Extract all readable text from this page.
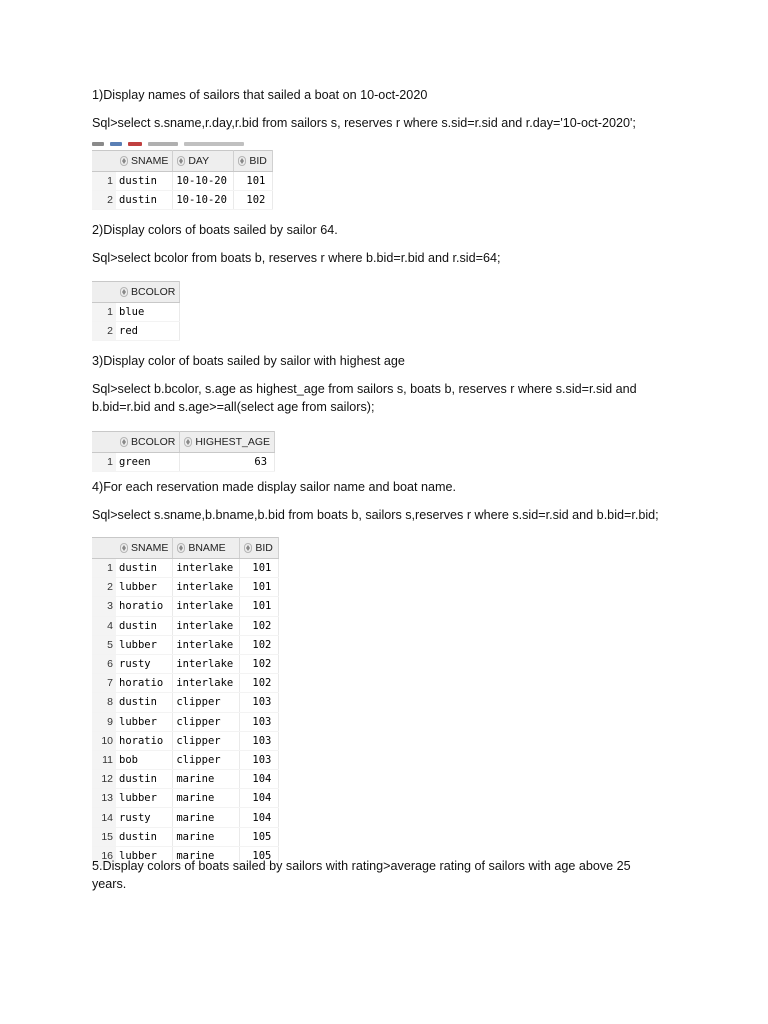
1)Display names of sailors that sailed a boat on 10-oct-2020

Sql>select s.sname,r.day,r.bid from sailors s, reserves r where s.sid=r.sid and r.day='10-oct-2020';

	SNAME	DAY	BID
1	dustin	10-10-20	101
2	dustin	10-10-20	102

2)Display colors of boats sailed by sailor 64.

Sql>select bcolor from boats b, reserves r where b.bid=r.bid and r.sid=64;

	BCOLOR
1	blue
2	red

3)Display color of boats sailed by sailor with highest age

Sql>select b.bcolor, s.age as highest_age from sailors s, boats b, reserves r where s.sid=r.sid and b.bid=r.bid and s.age>=all(select age from sailors);

	BCOLOR	HIGHEST_AGE
1	green	63

4)For each reservation made display sailor name and boat name.

Sql>select s.sname,b.bname,b.bid from boats b, sailors s,reserves r where s.sid=r.sid and b.bid=r.bid;

	SNAME	BNAME	BID
1	dustin	interlake	101
2	lubber	interlake	101
3	horatio	interlake	101
4	dustin	interlake	102
5	lubber	interlake	102
6	rusty	interlake	102
7	horatio	interlake	102
8	dustin	clipper	103
9	lubber	clipper	103
10	horatio	clipper	103
11	bob	clipper	103
12	dustin	marine	104
13	lubber	marine	104
14	rusty	marine	104
15	dustin	marine	105
16	lubber	marine	105

5.Display colors of boats sailed by sailors with rating>average rating of sailors with age above 25 years.
